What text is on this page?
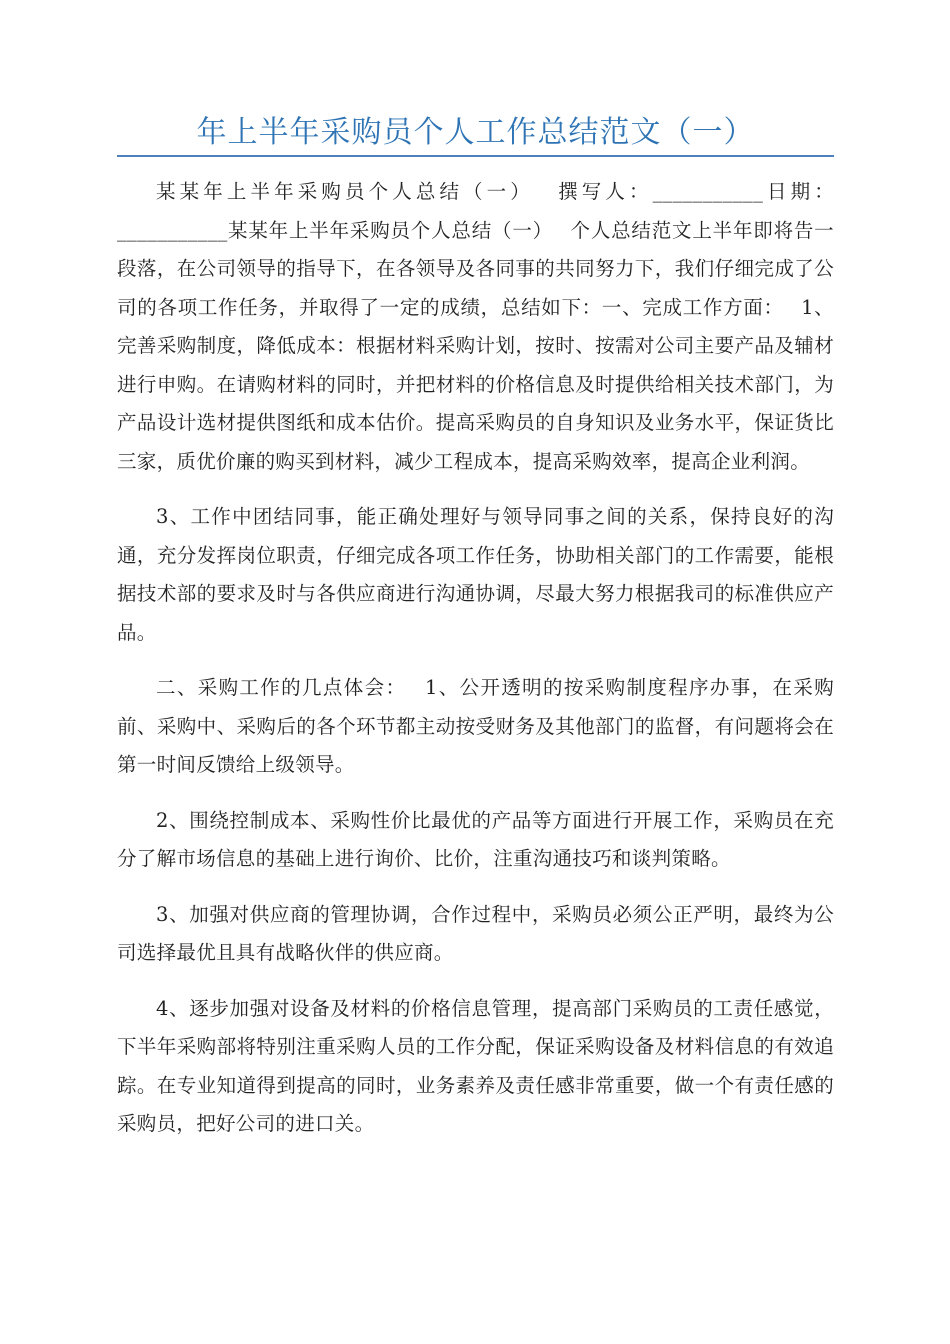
年上半年采购员个人工作总结范文（一）

某某年上半年采购员个人总结（一）　 撰写人：___________日期：___________某某年上半年采购员个人总结（一）　 个人总结范文上半年即将告一段落，在公司领导的指导下，在各领导及各同事的共同努力下，我们仔细完成了公司的各项工作任务，并取得了一定的成绩，总结如下：一、完成工作方面：　 1、完善采购制度，降低成本：根据材料采购计划，按时、按需对公司主要产品及辅材进行申购。在请购材料的同时，并把材料的价格信息及时提供给相关技术部门，为产品设计选材提供图纸和成本估价。提高采购员的自身知识及业务水平，保证货比三家，质优价廉的购买到材料，减少工程成本，提高采购效率，提高企业利润。

3、工作中团结同事，能正确处理好与领导同事之间的关系，保持良好的沟通，充分发挥岗位职责，仔细完成各项工作任务，协助相关部门的工作需要，能根据技术部的要求及时与各供应商进行沟通协调，尽最大努力根据我司的标准供应产品。

二、采购工作的几点体会：　 1、公开透明的按采购制度程序办事，在采购前、采购中、采购后的各个环节都主动按受财务及其他部门的监督，有问题将会在第一时间反馈给上级领导。

2、围绕控制成本、采购性价比最优的产品等方面进行开展工作，采购员在充分了解市场信息的基础上进行询价、比价，注重沟通技巧和谈判策略。

3、加强对供应商的管理协调，合作过程中，采购员必须公正严明，最终为公司选择最优且具有战略伙伴的供应商。

4、逐步加强对设备及材料的价格信息管理，提高部门采购员的工责任感觉，下半年采购部将特别注重采购人员的工作分配，保证采购设备及材料信息的有效追踪。在专业知道得到提高的同时，业务素养及责任感非常重要，做一个有责任感的采购员，把好公司的进口关。
